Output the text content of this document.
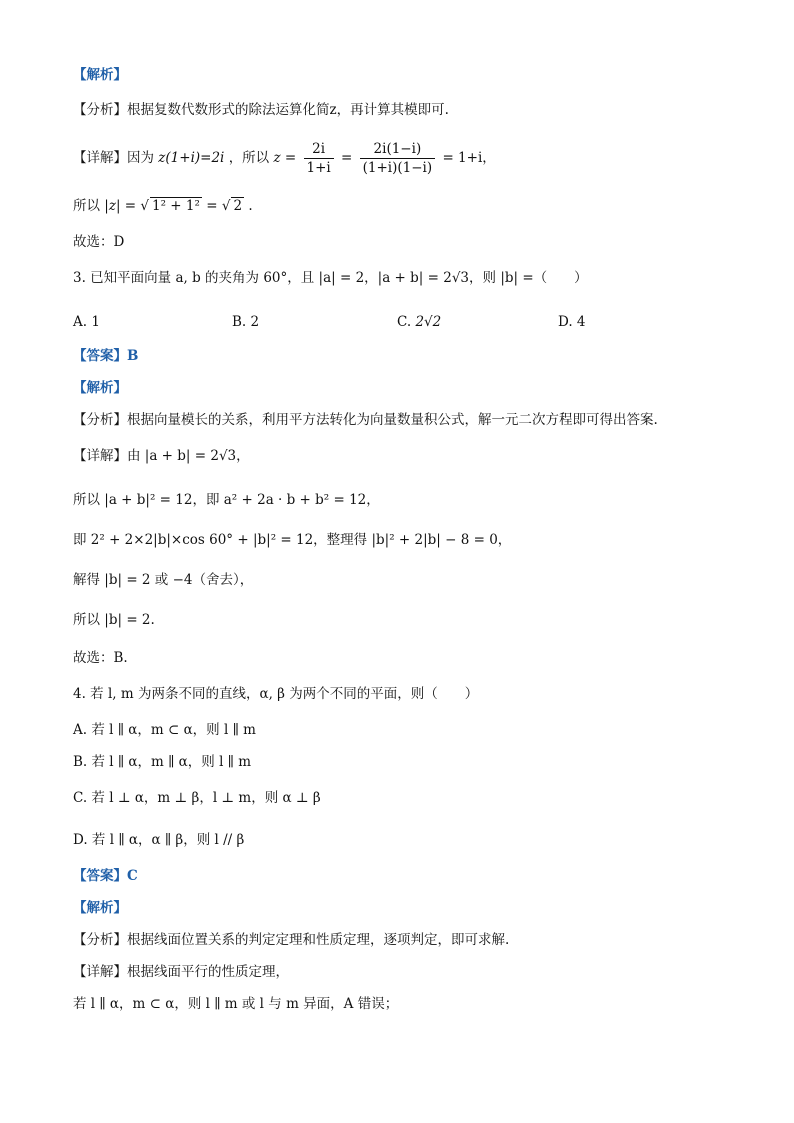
【解析】
【分析】根据复数代数形式的除法运算化简z，再计算其模即可.
【详解】因为 z(1+i)=2i ，所以 $z = \frac{2i}{1+i} = \frac{2i(1-i)}{(1+i)(1-i)} = 1+i$，
所以 |z| = √ 1² + 1² = √ 2 .
故选：D
3. 已知平面向量 a, b 的夹角为 60°，且 |a| = 2，|a + b| = 2√3，则 |b| =（　　）
A. 1	B. 2	C. 2√2	D. 4
【答案】B
【解析】
【分析】根据向量模长的关系，利用平方法转化为向量数量积公式，解一元二次方程即可得出答案.
【详解】由 |a + b| = 2√3，
所以 |a + b|² = 12，即 a² + 2a · b + b² = 12，
即 2² + 2×2|b|×cos 60° + |b|² = 12，整理得 |b|² + 2|b| − 8 = 0，
解得 |b| = 2 或 −4（舍去），
所以 |b| = 2.
故选：B.
4. 若 l, m 为两条不同的直线，α, β 为两个不同的平面，则（　　）
A. 若 l ∥ α，m ⊂ α，则 l ∥ m
B. 若 l ∥ α，m ∥ α，则 l ∥ m
C. 若 l ⊥ α，m ⊥ β，l ⊥ m，则 α ⊥ β
D. 若 l ∥ α，α ∥ β，则 l // β
【答案】C
【解析】
【分析】根据线面位置关系的判定定理和性质定理，逐项判定，即可求解.
【详解】根据线面平行的性质定理，
若 l ∥ α，m ⊂ α，则 l ∥ m 或 l 与 m 异面，A 错误；
